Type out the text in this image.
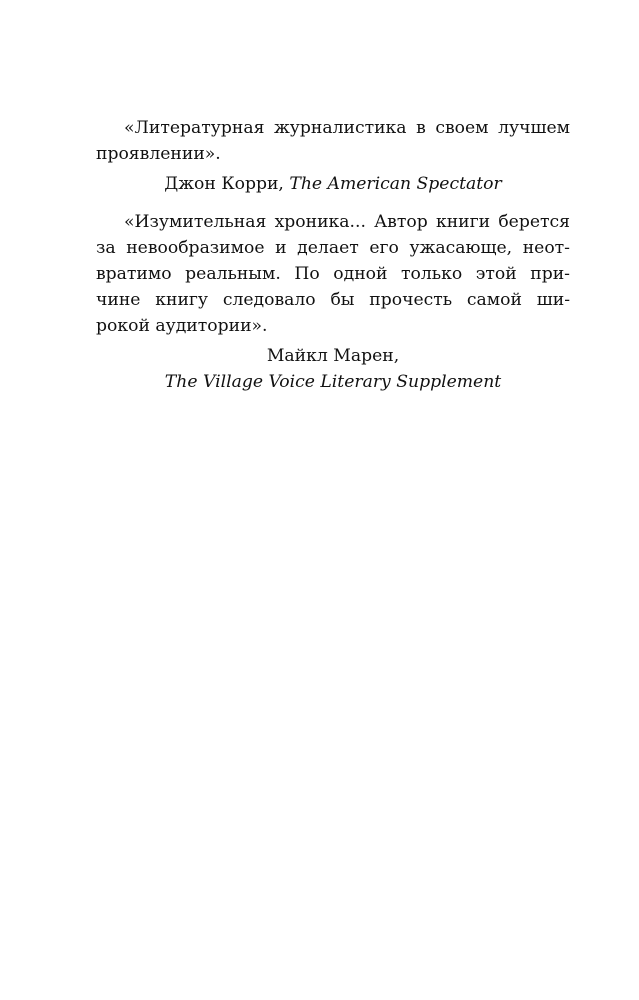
«Литературная журналистика в своем лучшем
проявлении».
Джон Корри, The American Spectator
«Изумительная хроника... Автор книги берется
за невообразимое и делает его ужасающе, неот-
вратимо реальным. По одной только этой при-
чине книгу следовало бы прочесть самой ши-
рокой аудитории».
Майкл Марен,
The Village Voice Literary Supplement
